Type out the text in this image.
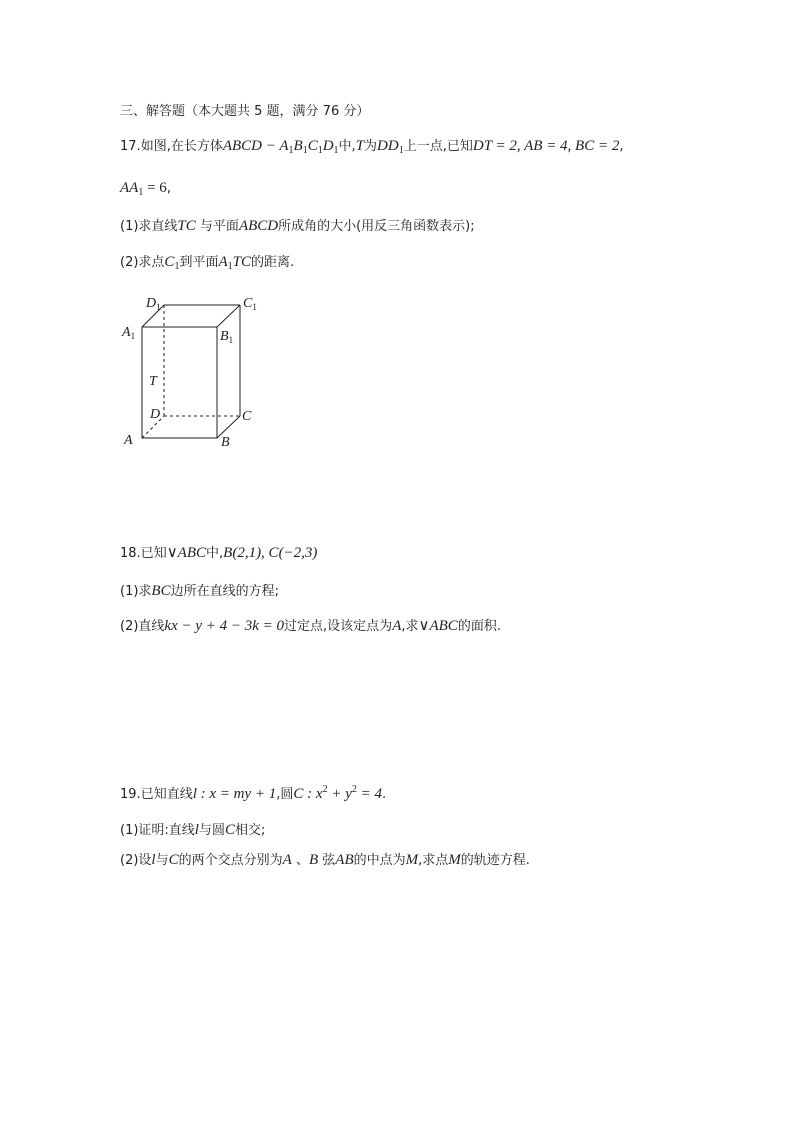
三、解答题（本大题共 5 题，满分 76 分）
17.如图,在长方体ABCD − $A_1B_1C_1D_1$中,T为$DD_1$上一点,已知DT = 2, AB = 4, BC = 2,
$AA_1 = 6$,
(1)求直线TC 与平面ABCD所成角的大小(用反三角函数表示);
(2)求点$C_1$到平面$A_1TC$的距离.
$D_1$	$C_1$
$A_1$	$B_1$
T
D	C
A	B
18.已知∨ABC中,B(2,1), C(−2,3)
(1)求BC边所在直线的方程;
(2)直线kx − y + 4 − 3k = 0过定点,设该定点为A,求∨ABC的面积.
19.已知直线l : x = my + 1,圆C : $x^2 + y^2 = 4$.
(1)证明:直线l与圆C相交;
(2)设l与C的两个交点分别为A 、B 弦AB的中点为M,求点M的轨迹方程.
